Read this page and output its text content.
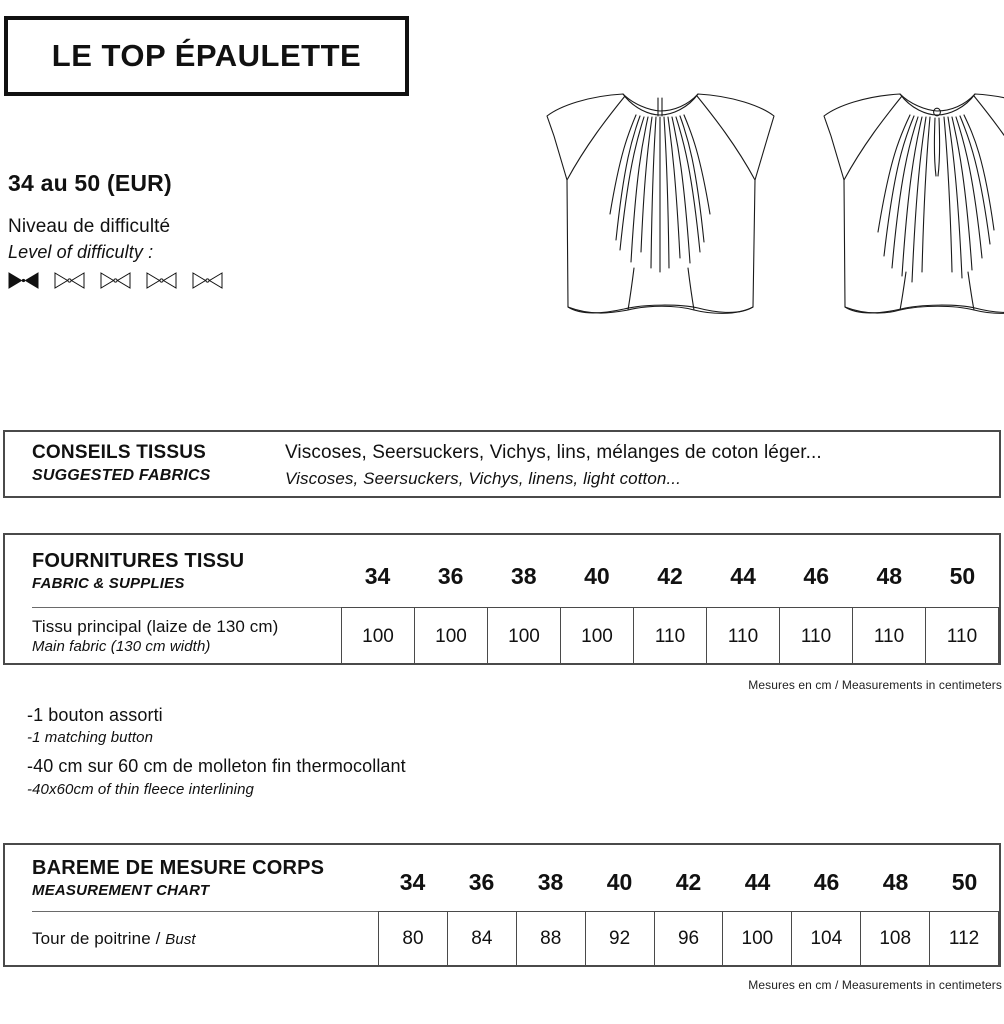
LE TOP ÉPAULETTE
34 au 50 (EUR)
Niveau de difficulté
Level of difficulty :
CONSEILS TISSUS
SUGGESTED FABRICS
Viscoses, Seersuckers, Vichys, lins, mélanges de coton léger...
Viscoses, Seersuckers, Vichys, linens, light cotton...
FOURNITURES TISSU
FABRIC & SUPPLIES	34	36	38	40	42	44	46	48	50
Tissu principal (laize de 130 cm)
Main fabric (130 cm width)	100	100	100	100	110	110	110	110	110
Mesures en cm / Measurements in centimeters
-1 bouton assorti
-1 matching button
-40 cm sur 60 cm de molleton fin thermocollant
-40x60cm of thin fleece interlining
BAREME DE MESURE CORPS
MEASUREMENT CHART	34	36	38	40	42	44	46	48	50
Tour de poitrine / Bust	80	84	88	92	96	100	104	108	112
Mesures en cm / Measurements in centimeters
